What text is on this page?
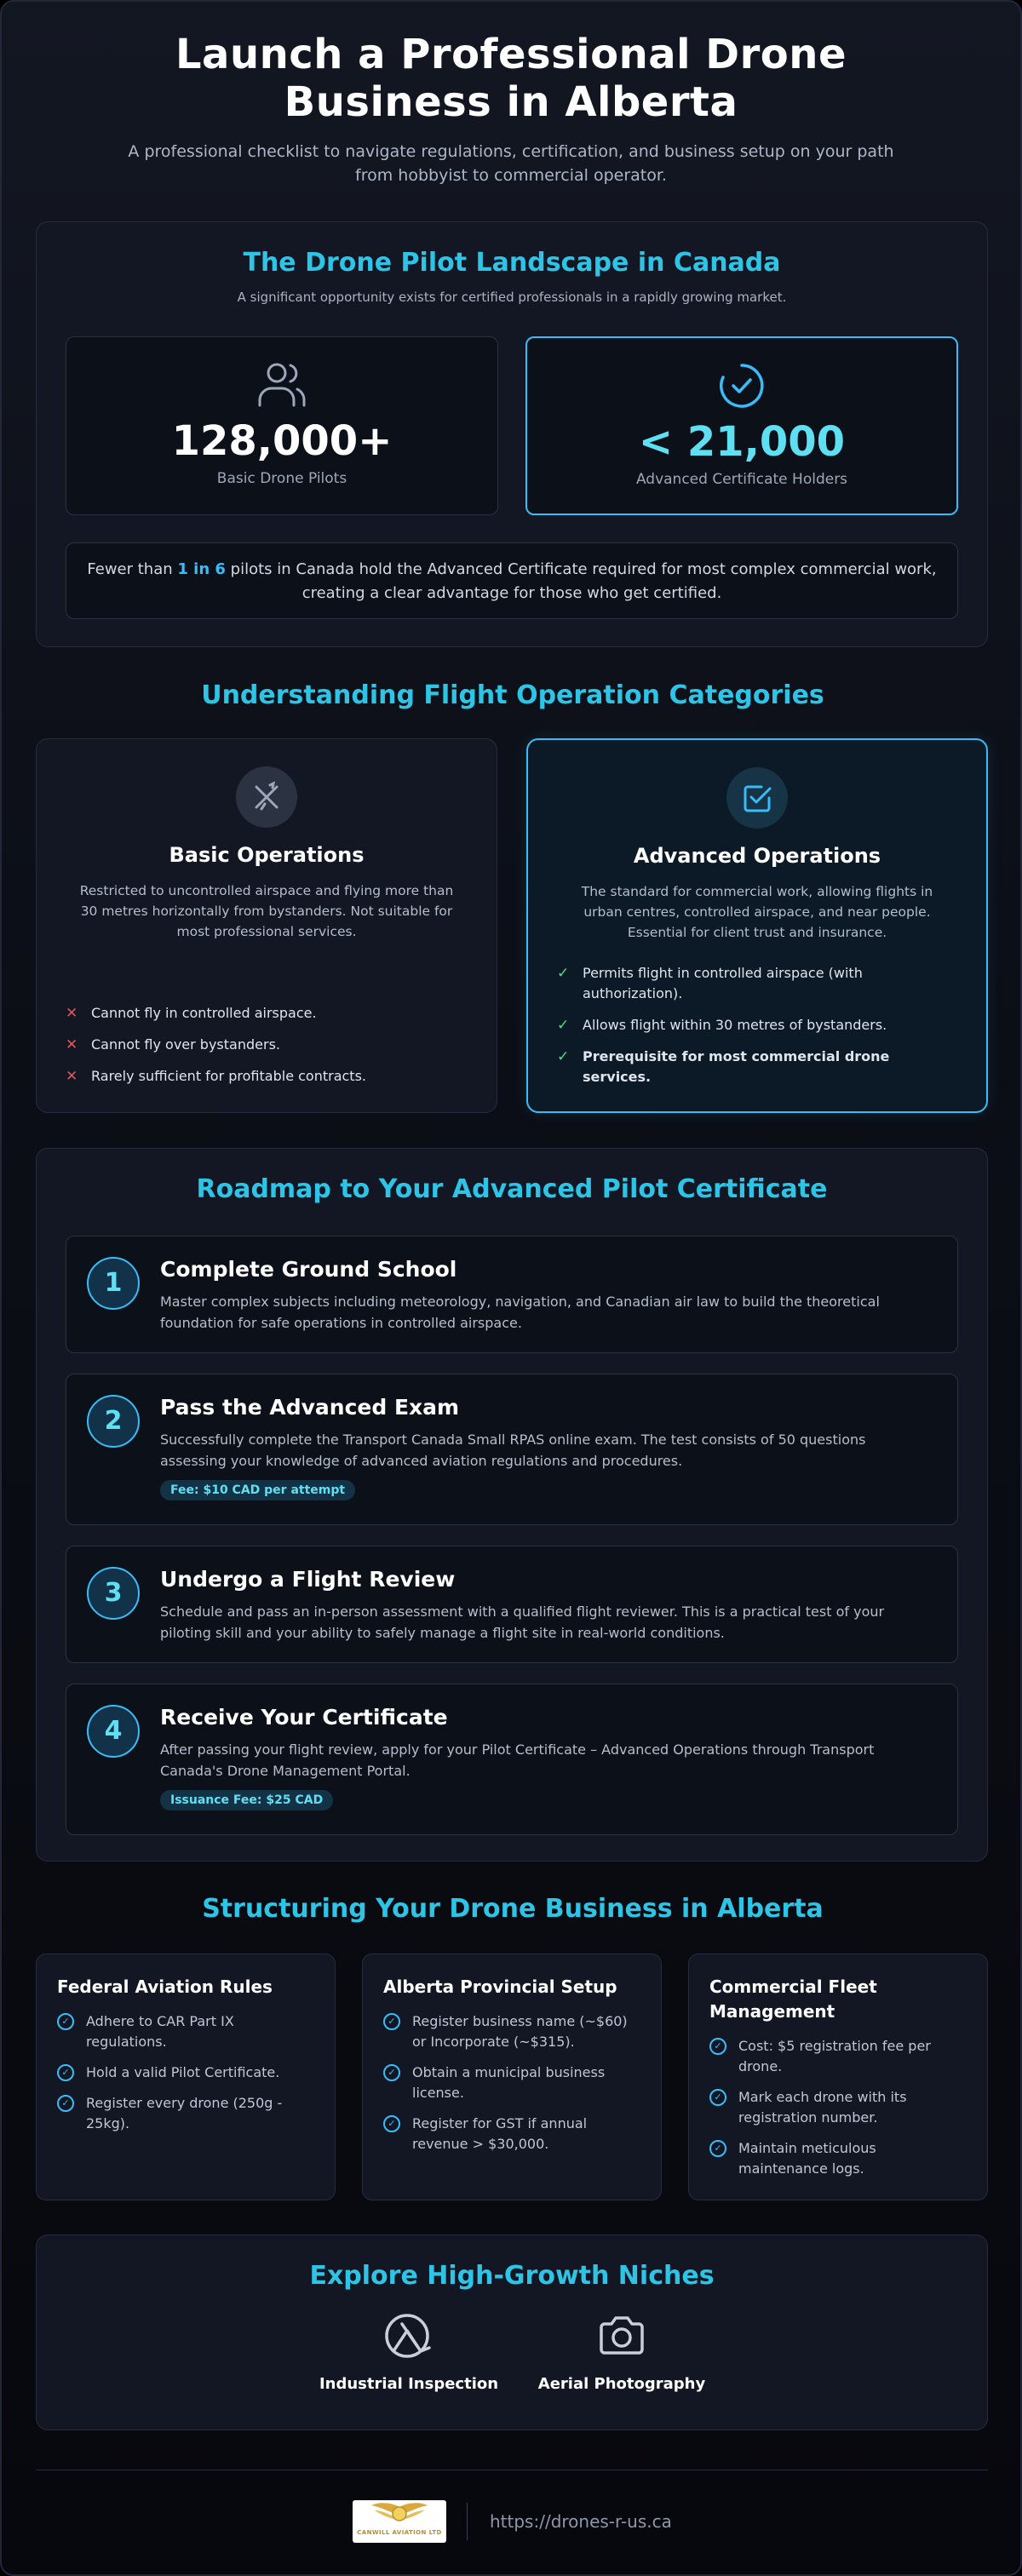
Launch a Professional Drone Business in Alberta

A professional checklist to navigate regulations, certification, and business setup on your path from hobbyist to commercial operator.

The Drone Pilot Landscape in Canada

A significant opportunity exists for certified professionals in a rapidly growing market.

128,000+
Basic Drone Pilots
< 21,000
Advanced Certificate Holders
Fewer than 1 in 6 pilots in Canada hold the Advanced Certificate required for most complex commercial work, creating a clear advantage for those who get certified.
Understanding Flight Operation Categories
Basic Operations

Restricted to uncontrolled airspace and flying more than 30 metres horizontally from bystanders. Not suitable for most professional services.

✕ Cannot fly in controlled airspace.
✕ Cannot fly over bystanders.
✕ Rarely sufficient for profitable contracts.
Advanced Operations

The standard for commercial work, allowing flights in urban centres, controlled airspace, and near people. Essential for client trust and insurance.

✓ Permits flight in controlled airspace (with authorization).
✓ Allows flight within 30 metres of bystanders.
✓ Prerequisite for most commercial drone services.
Roadmap to Your Advanced Pilot Certificate
1	Complete Ground School

Master complex subjects including meteorology, navigation, and Canadian air law to build the theoretical foundation for safe operations in controlled airspace.

2	Pass the Advanced Exam

Successfully complete the Transport Canada Small RPAS online exam. The test consists of 50 questions assessing your knowledge of advanced aviation regulations and procedures.

Fee: $10 CAD per attempt
3	Undergo a Flight Review

Schedule and pass an in-person assessment with a qualified flight reviewer. This is a practical test of your piloting skill and your ability to safely manage a flight site in real-world conditions.

4	Receive Your Certificate

After passing your flight review, apply for your Pilot Certificate – Advanced Operations through Transport Canada's Drone Management Portal.

Issuance Fee: $25 CAD
Structuring Your Drone Business in Alberta
Federal Aviation Rules
✓	Adhere to CAR Part IX regulations.
✓	Hold a valid Pilot Certificate.
✓	Register every drone (250g - 25kg).
Alberta Provincial Setup
✓	Register business name (~$60) or Incorporate (~$315).
✓	Obtain a municipal business license.
✓	Register for GST if annual revenue > $30,000.
Commercial Fleet Management
✓	Cost: $5 registration fee per drone.
✓	Mark each drone with its registration number.
✓	Maintain meticulous maintenance logs.
Explore High-Growth Niches
Industrial Inspection	Aerial Photography
CANWILL AVIATION LTD
https://drones-r-us.ca
